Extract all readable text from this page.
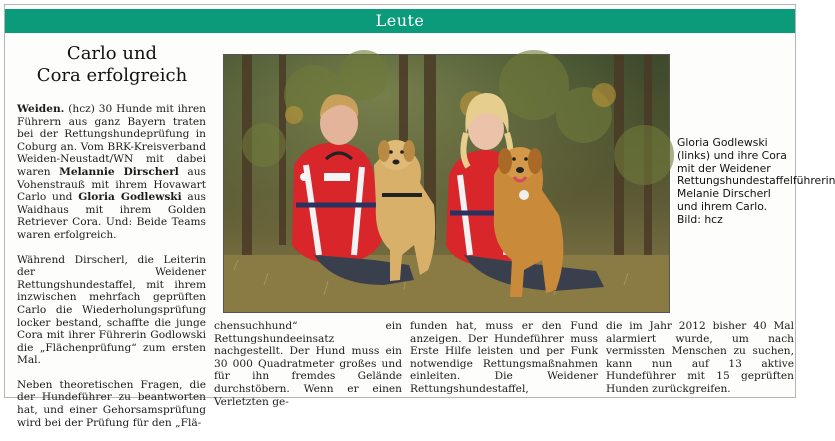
Leute
Carlo und
Cora erfolgreich

Weiden. (hcz) 30 Hunde mit ihren Führern aus ganz Bayern traten bei der Rettungshundeprüfung in Coburg an. Vom BRK-Kreisverband Weiden-Neustadt/WN mit dabei waren Melannie Dirscherl aus Vohenstrauß mit ihrem Hovawart Carlo und Gloria Godlewski aus Waidhaus mit ihrem Golden Retriever Cora. Und: Beide Teams waren erfolgreich.

Während Dirscherl, die Leiterin der Weidener Rettungshundestaffel, mit ihrem inzwischen mehrfach geprüften Carlo die Wiederholungsprüfung locker bestand, schaffte die junge Cora mit ihrer Führerin Godlowski die „Flächenprüfung“ zum ersten Mal.

Neben theoretischen Fragen, die der Hundeführer zu beantworten hat, und einer Gehorsamsprüfung wird bei der Prüfung für den „Flä-

chensuchhund“ ein Rettungshundeeinsatz nachgestellt. Der Hund muss ein 30 000 Quadratmeter großes und für ihn fremdes Gelände durchstöbern. Wenn er einen Verletzten ge-

funden hat, muss er den Fund anzeigen. Der Hundeführer muss Erste Hilfe leisten und per Funk notwendige Rettungsmaßnahmen einleiten. Die Weidener Rettungshundestaffel,

die im Jahr 2012 bisher 40 Mal alarmiert wurde, um nach vermissten Menschen zu suchen, kann nun auf 13 aktive Hundeführer mit 15 geprüften Hunden zurückgreifen.

Gloria Godlewski (links) und ihre Cora mit der Weidener Rettungshundestaffelführerin Melanie Dirscherl und ihrem Carlo. Bild: hcz
